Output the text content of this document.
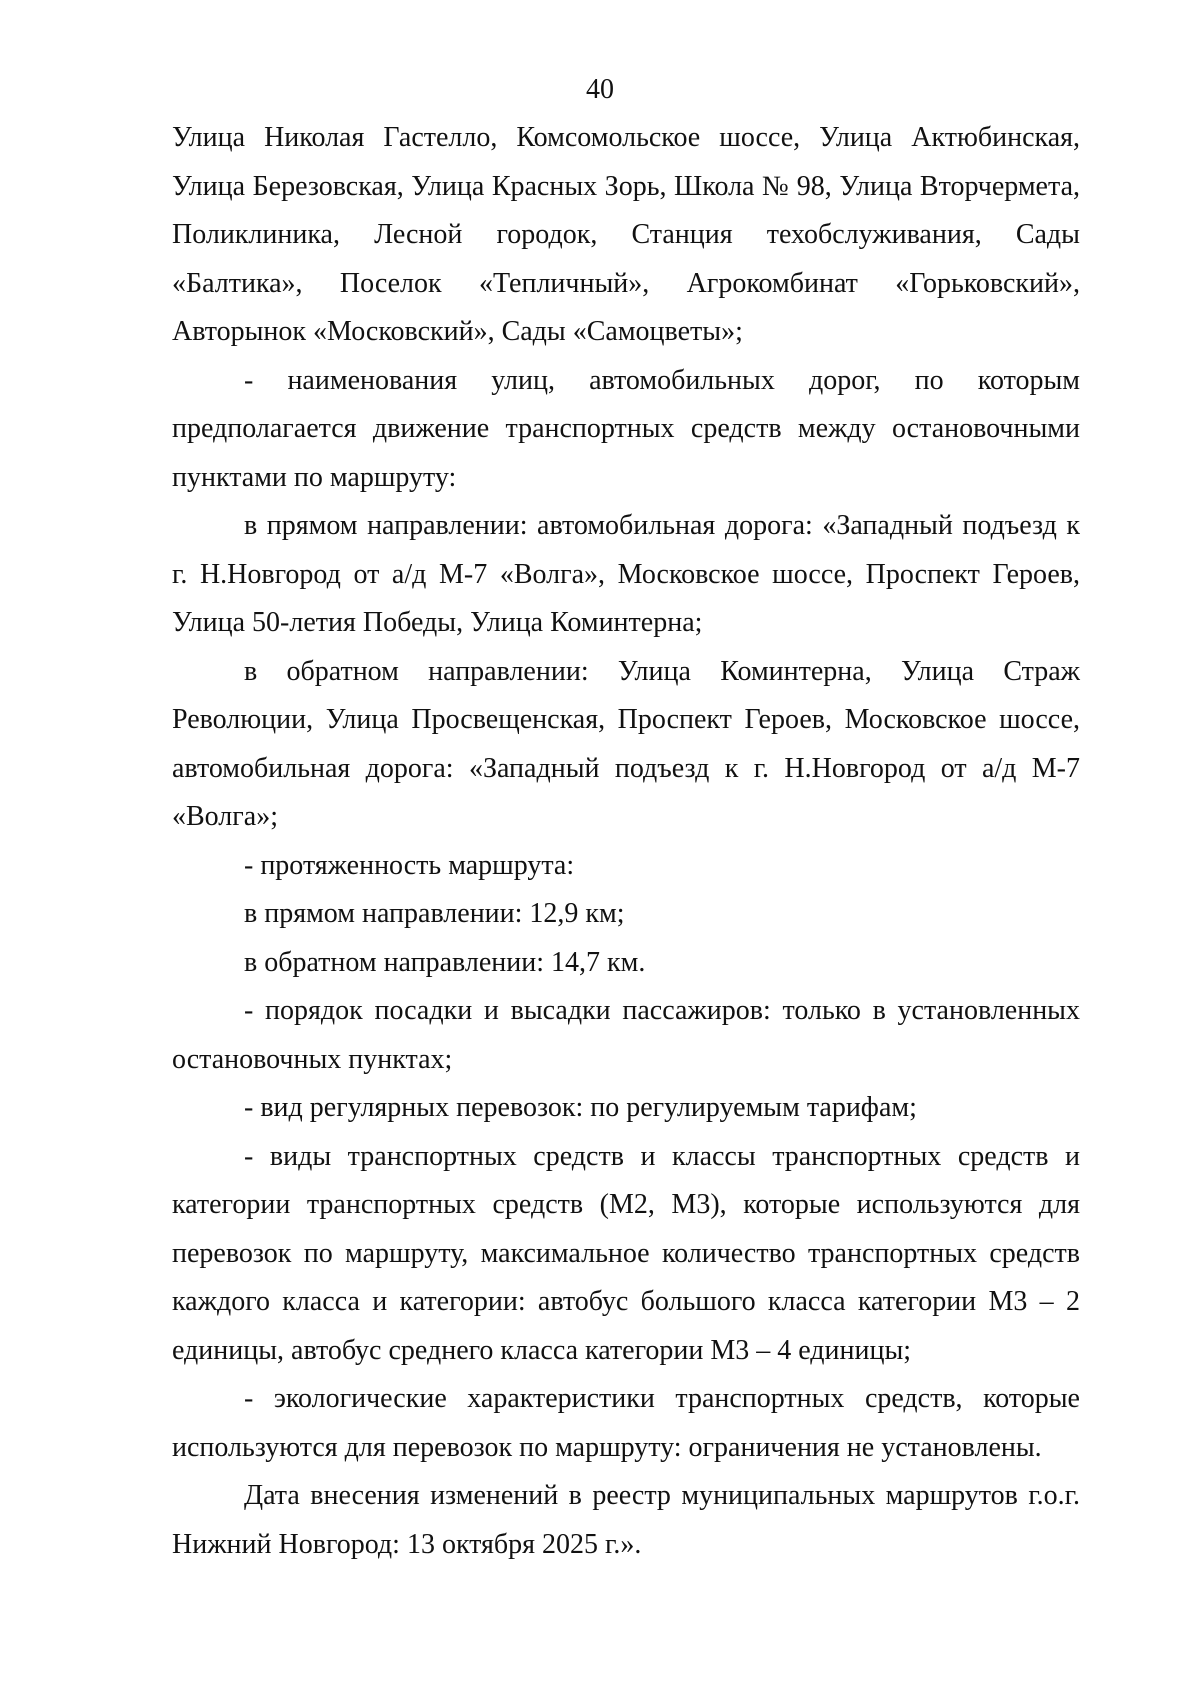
40

Улица Николая Гастелло, Комсомольское шоссе, Улица Актюбинская, Улица Березовская, Улица Красных Зорь, Школа № 98, Улица Вторчермета, Поликлиника, Лесной городок, Станция техобслуживания, Сады «Балтика», Поселок «Тепличный», Агрокомбинат «Горьковский», Авторынок «Московский», Сады «Самоцветы»;

- наименования улиц, автомобильных дорог, по которым предполагается движение транспортных средств между остановочными пунктами по маршруту:

в прямом направлении: автомобильная дорога: «Западный подъезд к г. Н.Новгород от а/д М-7 «Волга», Московское шоссе, Проспект Героев, Улица 50-летия Победы, Улица Коминтерна;

в обратном направлении: Улица Коминтерна, Улица Страж Революции, Улица Просвещенская, Проспект Героев, Московское шоссе, автомобильная дорога: «Западный подъезд к г. Н.Новгород от а/д М-7 «Волга»;

- протяженность маршрута:

в прямом направлении: 12,9 км;

в обратном направлении: 14,7 км.

- порядок посадки и высадки пассажиров: только в установленных остановочных пунктах;

- вид регулярных перевозок: по регулируемым тарифам;

- виды транспортных средств и классы транспортных средств и категории транспортных средств (М2, М3), которые используются для перевозок по маршруту, максимальное количество транспортных средств каждого класса и категории: автобус большого класса категории М3 – 2 единицы, автобус среднего класса категории М3 – 4 единицы;

- экологические характеристики транспортных средств, которые используются для перевозок по маршруту: ограничения не установлены.

Дата внесения изменений в реестр муниципальных маршрутов г.о.г. Нижний Новгород: 13 октября 2025 г.».
